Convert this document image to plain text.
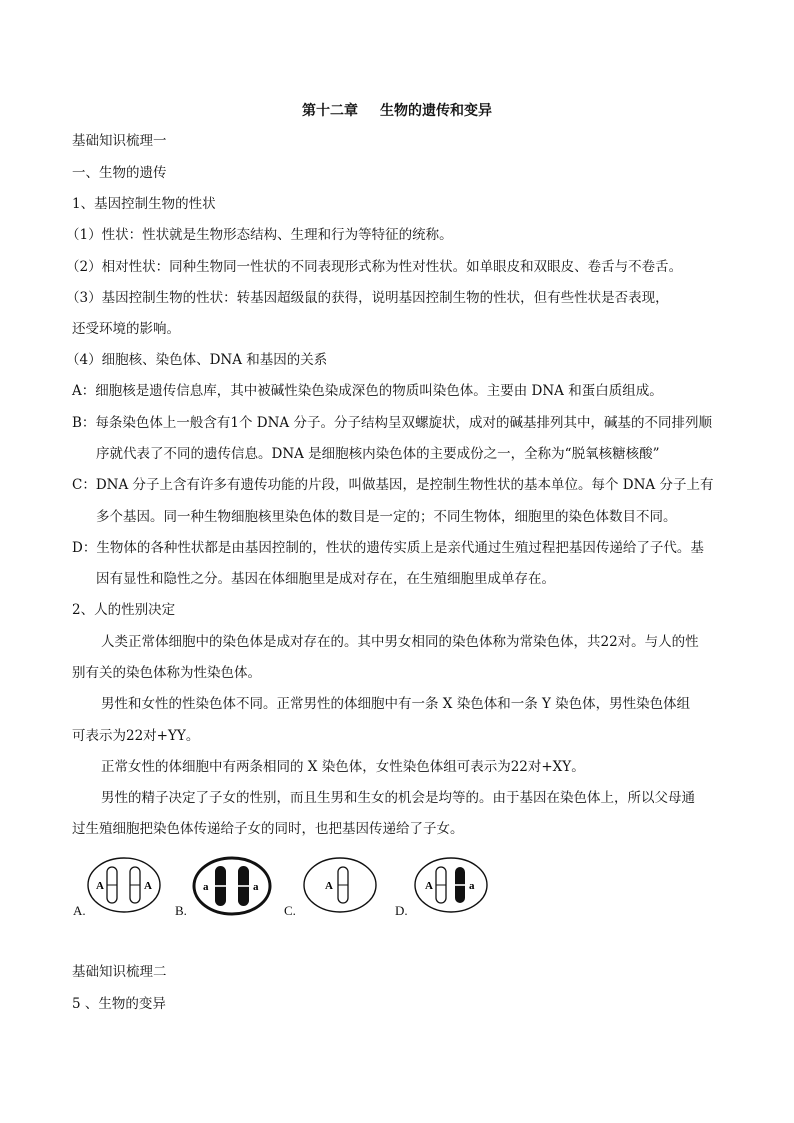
第十二章 生物的遗传和变异
基础知识梳理一
一、生物的遗传
1、基因控制生物的性状
（1）性状：性状就是生物形态结构、生理和行为等特征的统称。
（2）相对性状：同种生物同一性状的不同表现形式称为性对性状。如单眼皮和双眼皮、卷舌与不卷舌。
（3）基因控制生物的性状：转基因超级鼠的获得，说明基因控制生物的性状，但有些性状是否表现，
还受环境的影响。
（4）细胞核、染色体、DNA 和基因的关系
A：细胞核是遗传信息库，其中被碱性染色染成深色的物质叫染色体。主要由 DNA 和蛋白质组成。
B：每条染色体上一般含有1个 DNA 分子。分子结构呈双螺旋状，成对的碱基排列其中，碱基的不同排列顺
序就代表了不同的遗传信息。DNA 是细胞核内染色体的主要成份之一，全称为“脱氧核糖核酸”
C：DNA 分子上含有许多有遗传功能的片段，叫做基因，是控制生物性状的基本单位。每个 DNA 分子上有
多个基因。同一种生物细胞核里染色体的数目是一定的；不同生物体，细胞里的染色体数目不同。
D：生物体的各种性状都是由基因控制的，性状的遗传实质上是亲代通过生殖过程把基因传递给了子代。基
因有显性和隐性之分。基因在体细胞里是成对存在，在生殖细胞里成单存在。
2、人的性别决定
人类正常体细胞中的染色体是成对存在的。其中男女相同的染色体称为常染色体，共22对。与人的性
别有关的染色体称为性染色体。
男性和女性的性染色体不同。正常男性的体细胞中有一条 X 染色体和一条 Y 染色体，男性染色体组
可表示为22对+YY。
正常女性的体细胞中有两条相同的 X 染色体，女性染色体组可表示为22对+XY。
男性的精子决定了子女的性别，而且生男和生女的机会是均等的。由于基因在染色体上，所以父母通
过生殖细胞把染色体传递给子女的同时，也把基因传递给了子女。
A	A
A.
a	a
B.
A
C.
A	a
D.
基础知识梳理二
5 、生物的变异
